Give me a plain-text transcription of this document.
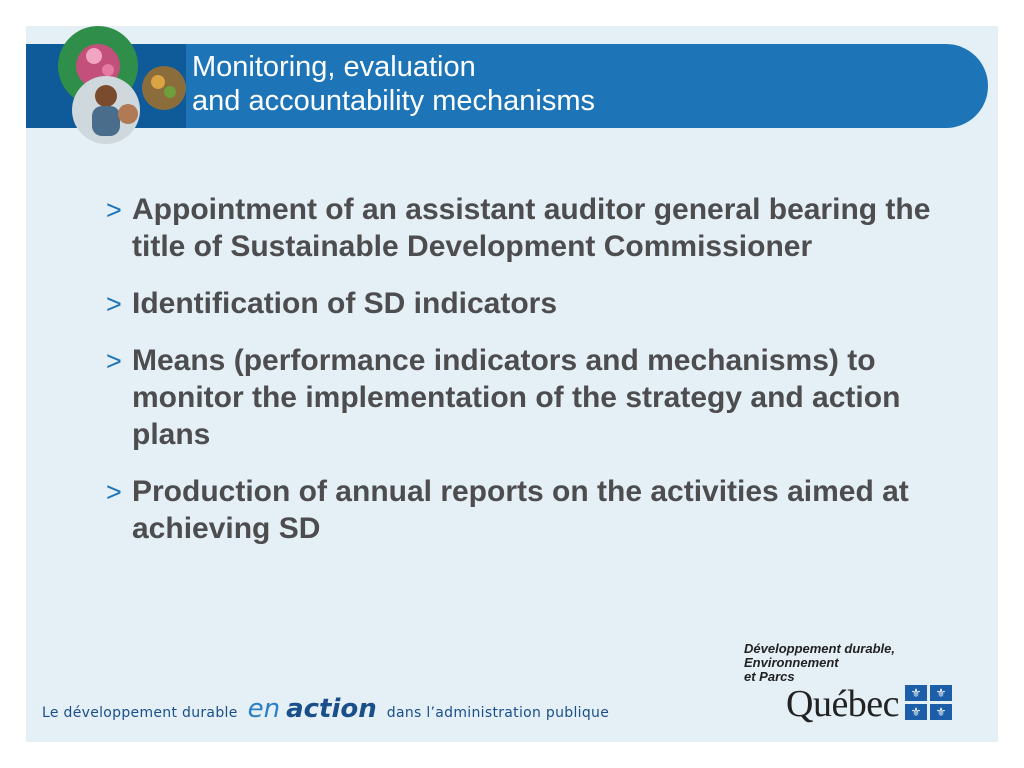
Monitoring, evaluation
and accountability mechanisms
> Appointment of an assistant auditor general bearing the title of Sustainable Development Commissioner
> Identification of SD indicators
> Means (performance indicators and mechanisms) to monitor the implementation of the strategy and action plans
> Production of annual reports on the activities aimed at achieving SD
Le développement durable en action dans l’administration publique
Développement durable,
Environnement
et Parcs
Québec ⚜	⚜
⚜	⚜
